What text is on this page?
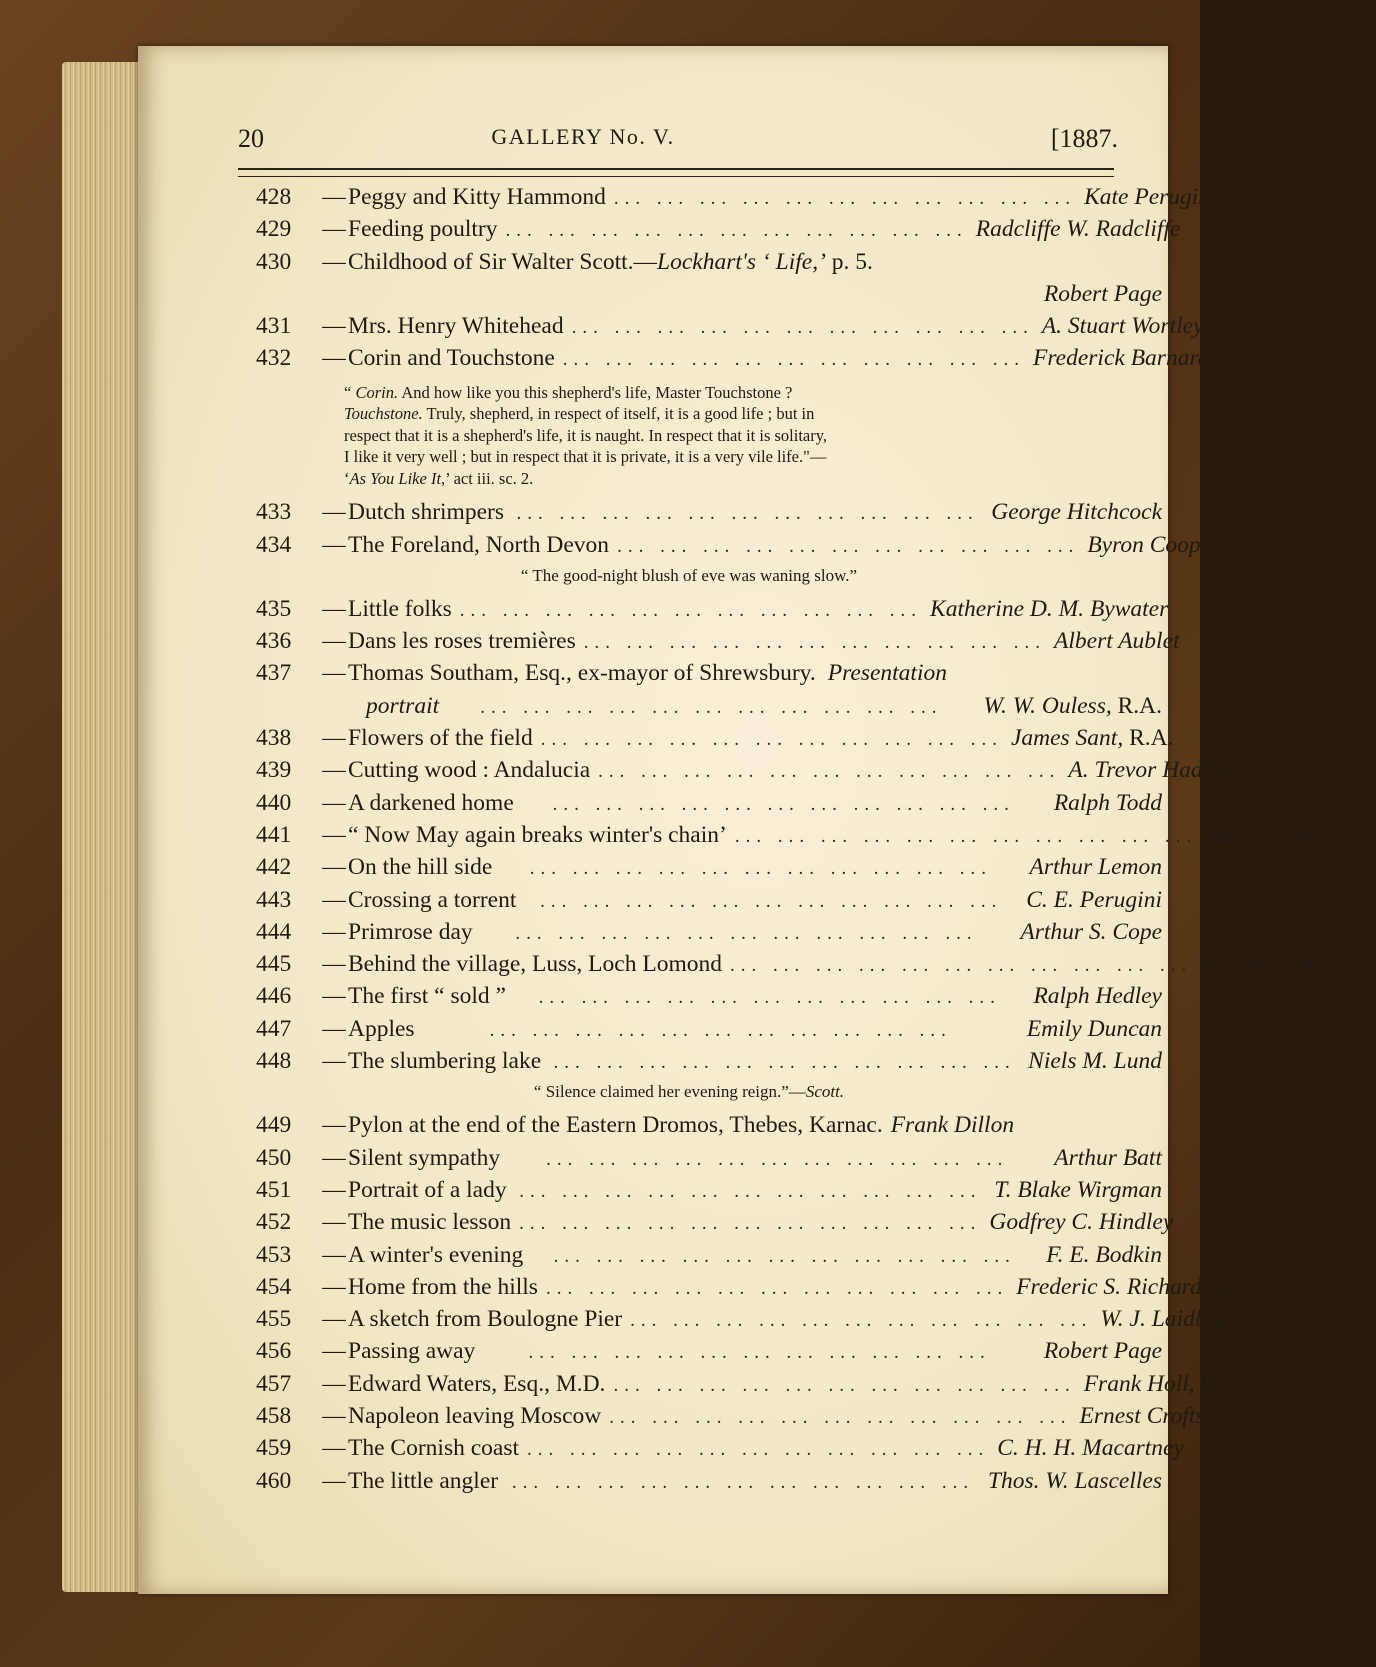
20	GALLERY No. V.	[1887.
428	— Peggy and Kitty Hammond ... ... ... ... ... ... ... ... ... ... ... Kate Perugini
429	— Feeding poultry ... ... ... ... ... ... ... ... ... ... ... Radcliffe W. Radcliffe
430	— Childhood of Sir Walter Scott.—Lockhart's ‘ Life,’ p. 5.
Robert Page
431	— Mrs. Henry Whitehead ... ... ... ... ... ... ... ... ... ... ... A. Stuart Wortley
432	— Corin and Touchstone ... ... ... ... ... ... ... ... ... ... ... Frederick Barnard
“ Corin. And how like you this shepherd's life, Master Touchstone ?
Touchstone. Truly, shepherd, in respect of itself, it is a good life ; but in
respect that it is a shepherd's life, it is naught. In respect that it is solitary,
I like it very well ; but in respect that it is private, it is a very vile life."—
‘As You Like It,’ act iii. sc. 2.
433	— Dutch shrimpers ... ... ... ... ... ... ... ... ... ... ... George Hitchcock
434	— The Foreland, North Devon ... ... ... ... ... ... ... ... ... ... ... Byron Cooper
“ The good-night blush of eve was waning slow.”
435	— Little folks ... ... ... ... ... ... ... ... ... ... ... Katherine D. M. Bywater
436	— Dans les roses tremières ... ... ... ... ... ... ... ... ... ... ... Albert Aublet
437	— Thomas Southam, Esq., ex-mayor of Shrewsbury. Presentation
portrait	... ... ... ... ... ... ... ... ... ... ...	W. W. Ouless, R.A.
438	— Flowers of the field ... ... ... ... ... ... ... ... ... ... ... James Sant, R.A.
439	— Cutting wood : Andalucia ... ... ... ... ... ... ... ... ... ... ... A. Trevor Haddon
440	— A darkened home	... ... ... ... ... ... ... ... ... ... ...	Ralph Todd
441	— “ Now May again breaks winter's chain’ ... ... ... ... ... ... ... ... ... ... ... Walter D. Batley
442	— On the hill side	... ... ... ... ... ... ... ... ... ... ...	Arthur Lemon
443	— Crossing a torrent	... ... ... ... ... ... ... ... ... ... ...	C. E. Perugini
444	— Primrose day	... ... ... ... ... ... ... ... ... ... ...	Arthur S. Cope
445	— Behind the village, Luss, Loch Lomond ... ... ... ... ... ... ... ... ... ... ... Hamilton Maxwell
446	— The first “ sold ”	... ... ... ... ... ... ... ... ... ... ...	Ralph Hedley
447	— Apples	... ... ... ... ... ... ... ... ... ... ...	Emily Duncan
448	— The slumbering lake ... ... ... ... ... ... ... ... ... ... ... Niels M. Lund
“ Silence claimed her evening reign.”—Scott.
449	— Pylon at the end of the Eastern Dromos, Thebes, Karnac. Frank Dillon
450	— Silent sympathy	... ... ... ... ... ... ... ... ... ... ...	Arthur Batt
451	— Portrait of a lady ... ... ... ... ... ... ... ... ... ... ... T. Blake Wirgman
452	— The music lesson ... ... ... ... ... ... ... ... ... ... ... Godfrey C. Hindley
453	— A winter's evening	... ... ... ... ... ... ... ... ... ... ...	F. E. Bodkin
454	— Home from the hills ... ... ... ... ... ... ... ... ... ... ... Frederic S. Richardson
455	— A sketch from Boulogne Pier ... ... ... ... ... ... ... ... ... ... ... W. J. Laidlay
456	— Passing away	... ... ... ... ... ... ... ... ... ... ...	Robert Page
457	— Edward Waters, Esq., M.D. ... ... ... ... ... ... ... ... ... ... ... Frank Holl, R.A.
458	— Napoleon leaving Moscow ... ... ... ... ... ... ... ... ... ... ... Ernest Crofts, A.
459	— The Cornish coast ... ... ... ... ... ... ... ... ... ... ... C. H. H. Macartney
460	— The little angler ... ... ... ... ... ... ... ... ... ... ... Thos. W. Lascelles
